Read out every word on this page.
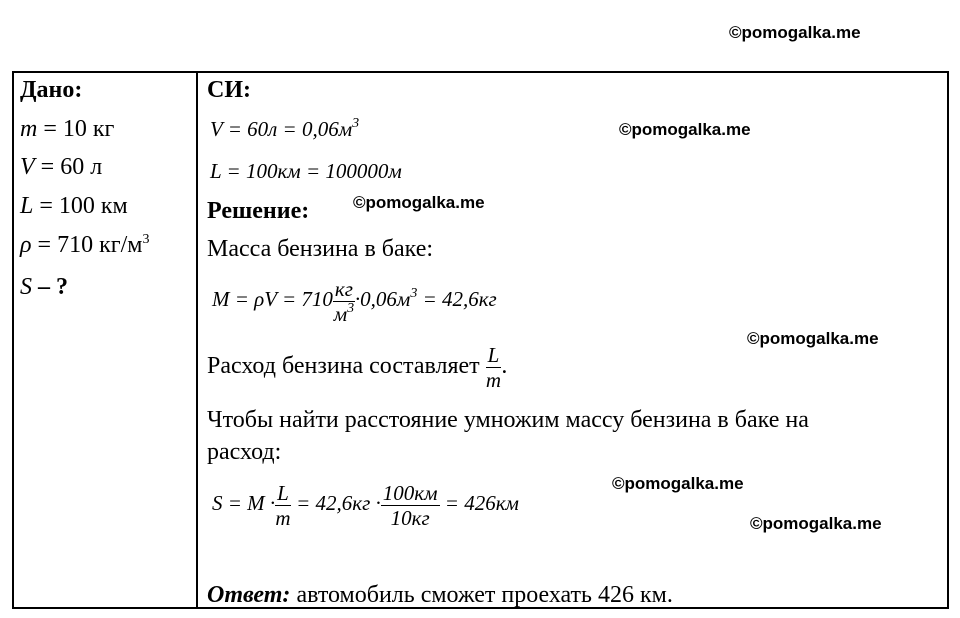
©pomogalka.me
©pomogalka.me
©pomogalka.me
©pomogalka.me
©pomogalka.me
©pomogalka.me
Дано:
m = 10 кг
V = 60 л
L = 100 км
ρ = 710 $кг/м^3$
S – ?
СИ:
$V = 60л = 0,06м^3$
L = 100км = 100000м
Решение:
Масса бензина в баке:
$M = \rho V = 710 \frac{кг}{м^3} \cdot 0,06м^3 = 42,6кг$
Расход бензина составляет $\frac{L}{m}$ .
Чтобы найти расстояние умножим массу бензина в баке на
расход:
$S = M \cdot \frac{L}{m} = 42,6кг \cdot \frac{100км}{10кг} = 426км$
Ответ: автомобиль сможет проехать 426 км.
